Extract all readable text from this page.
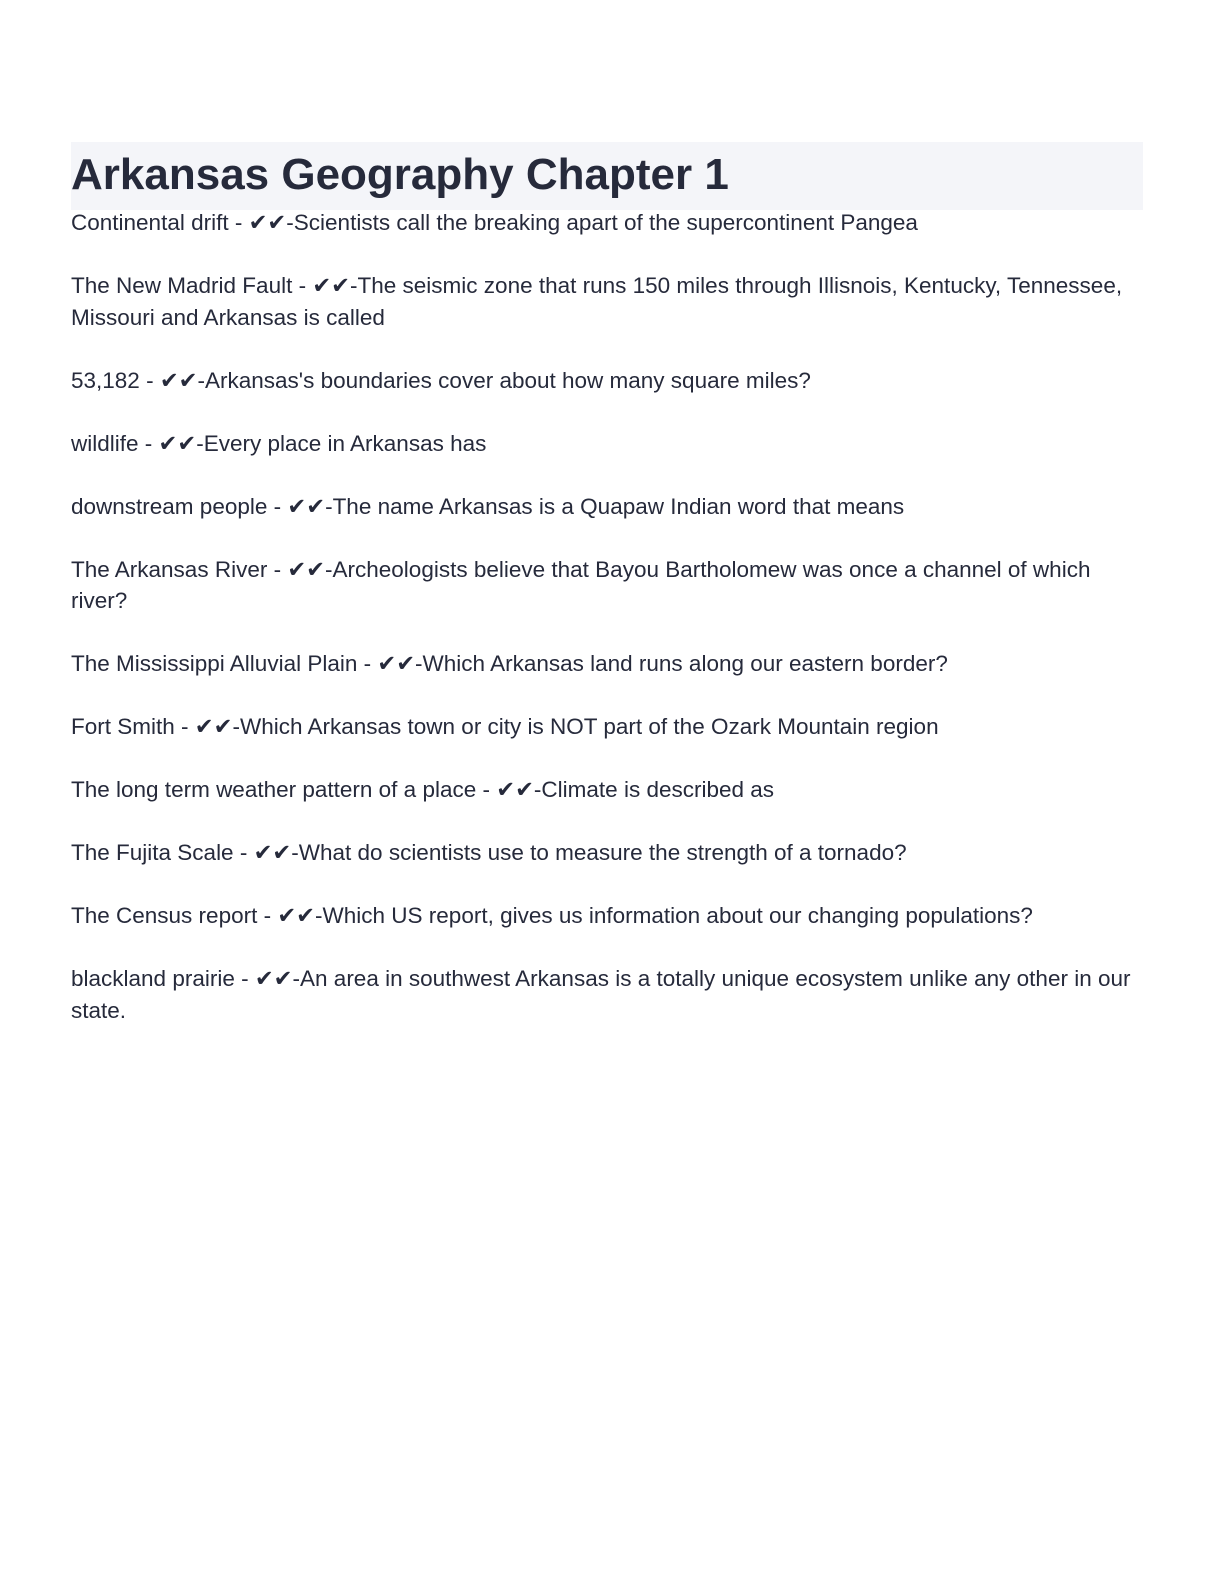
Arkansas Geography Chapter 1

Continental drift - ✔✔-Scientists call the breaking apart of the supercontinent Pangea

The New Madrid Fault - ✔✔-The seismic zone that runs 150 miles through Illisnois, Kentucky, Tennessee, Missouri and Arkansas is called

53,182 - ✔✔-Arkansas's boundaries cover about how many square miles?

wildlife - ✔✔-Every place in Arkansas has

downstream people - ✔✔-The name Arkansas is a Quapaw Indian word that means

The Arkansas River - ✔✔-Archeologists believe that Bayou Bartholomew was once a channel of which river?

The Mississippi Alluvial Plain - ✔✔-Which Arkansas land runs along our eastern border?

Fort Smith - ✔✔-Which Arkansas town or city is NOT part of the Ozark Mountain region

The long term weather pattern of a place - ✔✔-Climate is described as

The Fujita Scale - ✔✔-What do scientists use to measure the strength of a tornado?

The Census report - ✔✔-Which US report, gives us information about our changing populations?

blackland prairie - ✔✔-An area in southwest Arkansas is a totally unique ecosystem unlike any other in our state.
